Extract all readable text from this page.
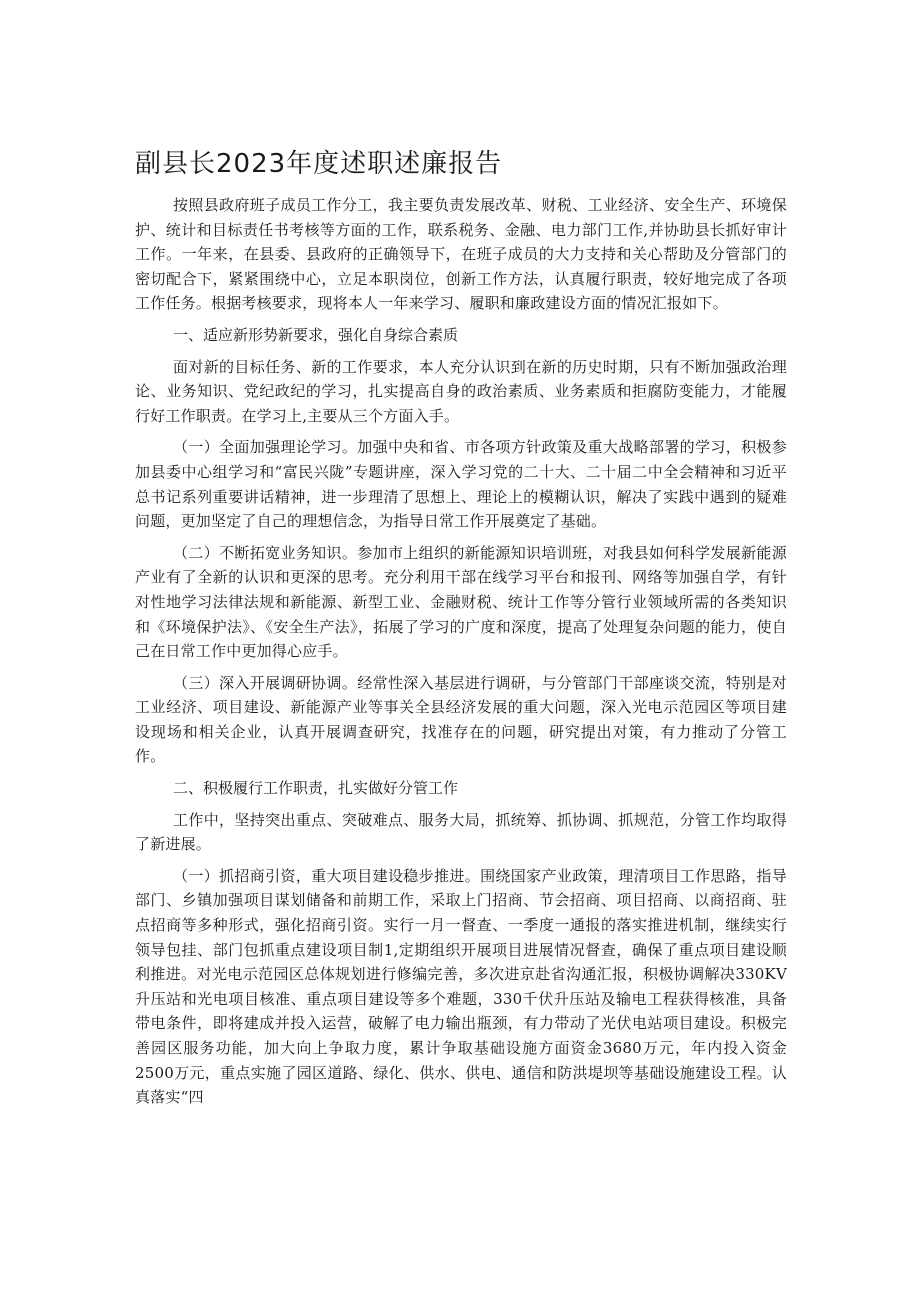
副县长2023年度述职述廉报告

按照县政府班子成员工作分工，我主要负责发展改革、财税、工业经济、安全生产、环境保护、统计和目标责任书考核等方面的工作，联系税务、金融、电力部门工作,并协助县长抓好审计工作。一年来，在县委、县政府的正确领导下，在班子成员的大力支持和关心帮助及分管部门的密切配合下，紧紧围绕中心，立足本职岗位，创新工作方法，认真履行职责，较好地完成了各项工作任务。根据考核要求，现将本人一年来学习、履职和廉政建设方面的情况汇报如下。

一、适应新形势新要求，强化自身综合素质

面对新的目标任务、新的工作要求，本人充分认识到在新的历史时期，只有不断加强政治理论、业务知识、党纪政纪的学习，扎实提高自身的政治素质、业务素质和拒腐防变能力，才能履行好工作职责。在学习上,主要从三个方面入手。

（一）全面加强理论学习。加强中央和省、市各项方针政策及重大战略部署的学习，积极参加县委中心组学习和“富民兴陇”专题讲座，深入学习党的二十大、二十届二中全会精神和习近平总书记系列重要讲话精神，进一步理清了思想上、理论上的模糊认识，解决了实践中遇到的疑难问题，更加坚定了自己的理想信念，为指导日常工作开展奠定了基础。

（二）不断拓宽业务知识。参加市上组织的新能源知识培训班，对我县如何科学发展新能源产业有了全新的认识和更深的思考。充分利用干部在线学习平台和报刊、网络等加强自学，有针对性地学习法律法规和新能源、新型工业、金融财税、统计工作等分管行业领域所需的各类知识和《环境保护法》、《安全生产法》，拓展了学习的广度和深度，提高了处理复杂问题的能力，使自己在日常工作中更加得心应手。

（三）深入开展调研协调。经常性深入基层进行调研，与分管部门干部座谈交流，特别是对工业经济、项目建设、新能源产业等事关全县经济发展的重大问题，深入光电示范园区等项目建设现场和相关企业，认真开展调查研究，找准存在的问题，研究提出对策，有力推动了分管工作。

二、积极履行工作职责，扎实做好分管工作

工作中，坚持突出重点、突破难点、服务大局，抓统筹、抓协调、抓规范，分管工作均取得了新进展。

（一）抓招商引资，重大项目建设稳步推进。围绕国家产业政策，理清项目工作思路，指导部门、乡镇加强项目谋划储备和前期工作，采取上门招商、节会招商、项目招商、以商招商、驻点招商等多种形式，强化招商引资。实行一月一督查、一季度一通报的落实推进机制，继续实行领导包挂、部门包抓重点建设项目制1,定期组织开展项目进展情况督查，确保了重点项目建设顺利推进。对光电示范园区总体规划进行修编完善，多次进京赴省沟通汇报，积极协调解决330KV升压站和光电项目核准、重点项目建设等多个难题，330千伏升压站及输电工程获得核准，具备带电条件，即将建成并投入运营，破解了电力输出瓶颈，有力带动了光伏电站项目建设。积极完善园区服务功能，加大向上争取力度，累计争取基础设施方面资金3680万元，年内投入资金2500万元，重点实施了园区道路、绿化、供水、供电、通信和防洪堤坝等基础设施建设工程。认真落实“四
